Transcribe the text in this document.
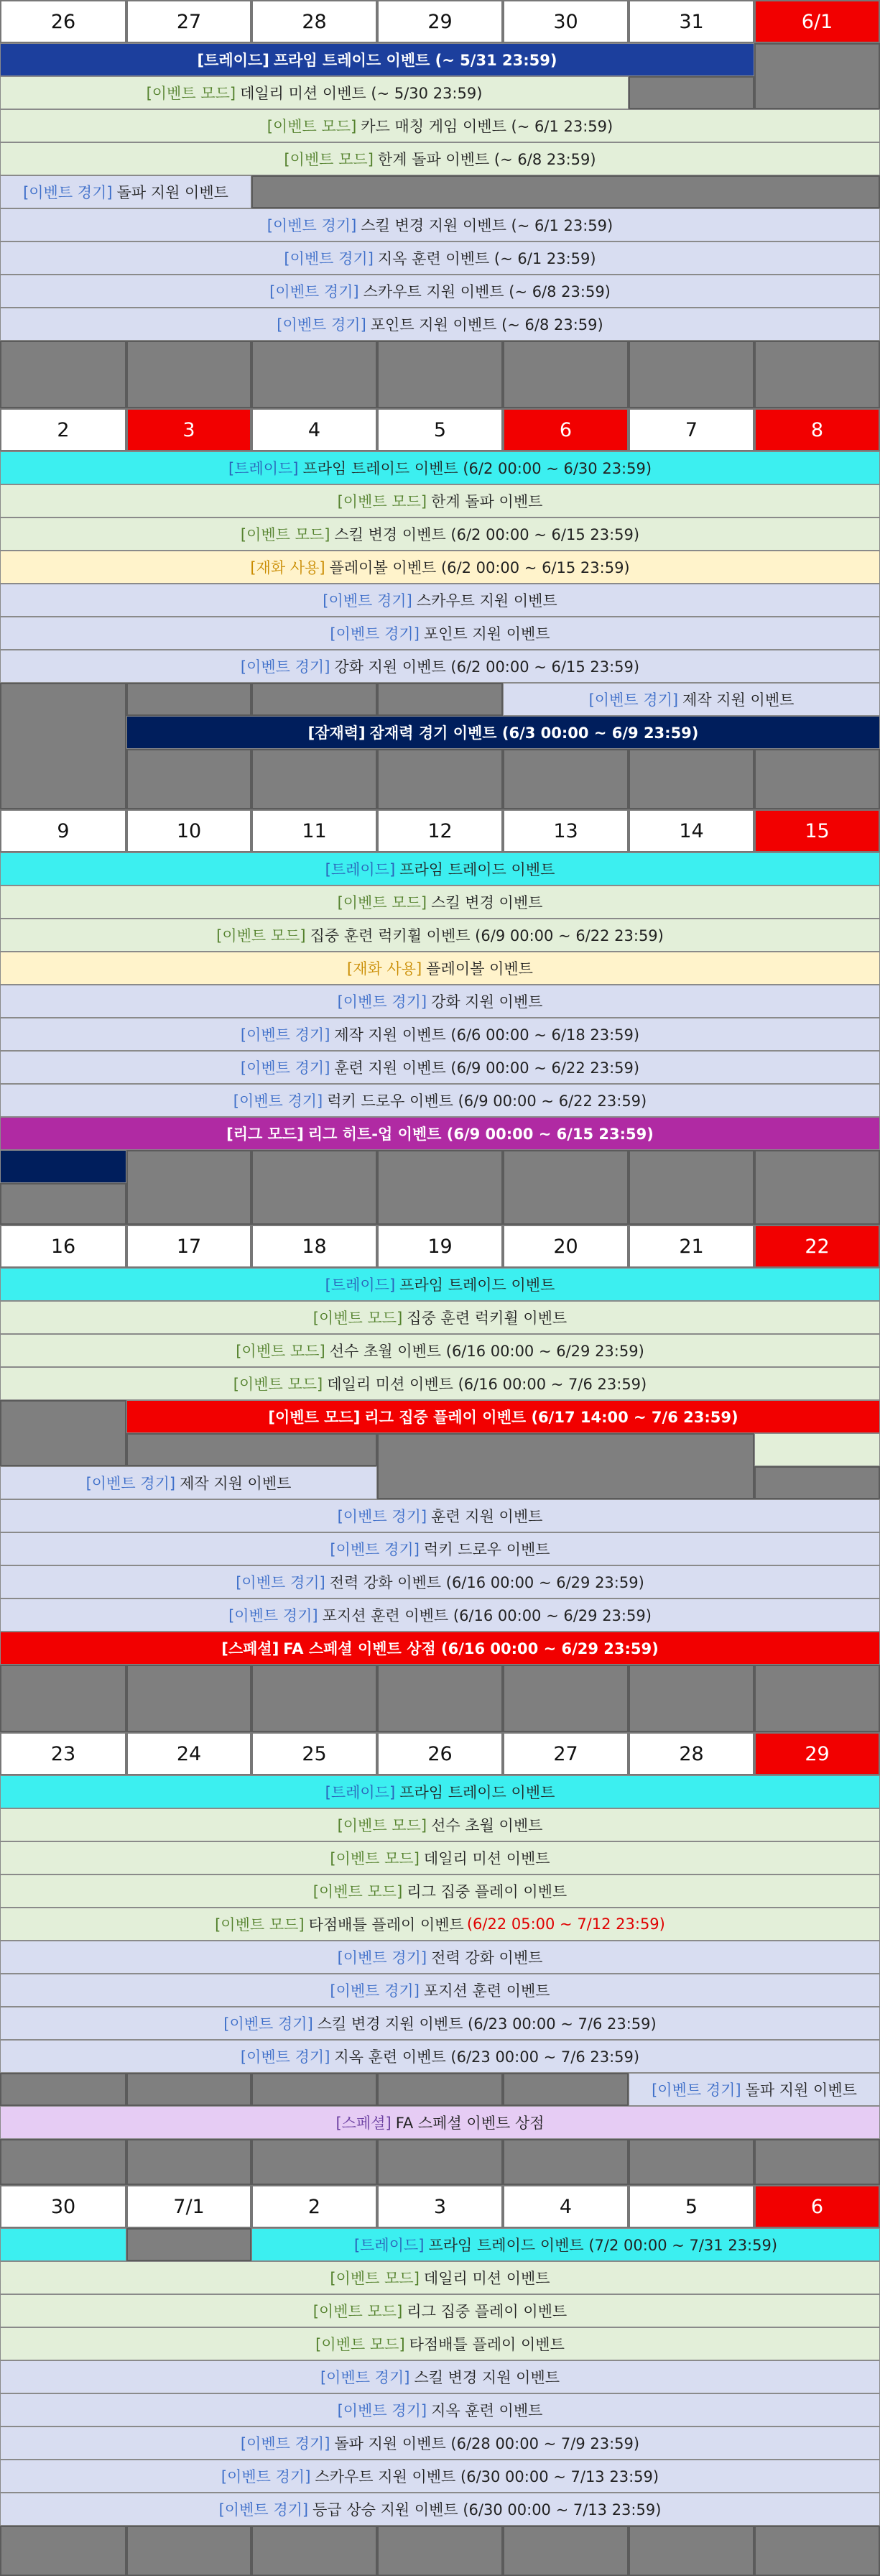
26	27	28	29	30	31	6/1
[트레이드] 프라임 트레이드 이벤트 (~ 5/31 23:59)
[이벤트 모드] 데일리 미션 이벤트 (~ 5/30 23:59)
[이벤트 모드] 카드 매칭 게임 이벤트 (~ 6/1 23:59)
[이벤트 모드] 한계 돌파 이벤트 (~ 6/8 23:59)
[이벤트 경기] 돌파 지원 이벤트
[이벤트 경기] 스킬 변경 지원 이벤트 (~ 6/1 23:59)
[이벤트 경기] 지옥 훈련 이벤트 (~ 6/1 23:59)
[이벤트 경기] 스카우트 지원 이벤트 (~ 6/8 23:59)
[이벤트 경기] 포인트 지원 이벤트 (~ 6/8 23:59)
2	3	4	5	6	7	8
[트레이드] 프라임 트레이드 이벤트 (6/2 00:00 ~ 6/30 23:59)
[이벤트 모드] 한계 돌파 이벤트
[이벤트 모드] 스킬 변경 이벤트 (6/2 00:00 ~ 6/15 23:59)
[재화 사용] 플레이볼 이벤트 (6/2 00:00 ~ 6/15 23:59)
[이벤트 경기] 스카우트 지원 이벤트
[이벤트 경기] 포인트 지원 이벤트
[이벤트 경기] 강화 지원 이벤트 (6/2 00:00 ~ 6/15 23:59)
[이벤트 경기] 제작 지원 이벤트
[잠재력] 잠재력 경기 이벤트 (6/3 00:00 ~ 6/9 23:59)
9	10	11	12	13	14	15
[트레이드] 프라임 트레이드 이벤트
[이벤트 모드] 스킬 변경 이벤트
[이벤트 모드] 집중 훈련 럭키휠 이벤트 (6/9 00:00 ~ 6/22 23:59)
[재화 사용] 플레이볼 이벤트
[이벤트 경기] 강화 지원 이벤트
[이벤트 경기] 제작 지원 이벤트 (6/6 00:00 ~ 6/18 23:59)
[이벤트 경기] 훈련 지원 이벤트 (6/9 00:00 ~ 6/22 23:59)
[이벤트 경기] 럭키 드로우 이벤트 (6/9 00:00 ~ 6/22 23:59)
[리그 모드] 리그 히트-업 이벤트 (6/9 00:00 ~ 6/15 23:59)
16	17	18	19	20	21	22
[트레이드] 프라임 트레이드 이벤트
[이벤트 모드] 집중 훈련 럭키휠 이벤트
[이벤트 모드] 선수 초월 이벤트 (6/16 00:00 ~ 6/29 23:59)
[이벤트 모드] 데일리 미션 이벤트 (6/16 00:00 ~ 7/6 23:59)
[이벤트 모드] 리그 집중 플레이 이벤트 (6/17 14:00 ~ 7/6 23:59)
[이벤트 경기] 제작 지원 이벤트
[이벤트 경기] 훈련 지원 이벤트
[이벤트 경기] 럭키 드로우 이벤트
[이벤트 경기] 전력 강화 이벤트 (6/16 00:00 ~ 6/29 23:59)
[이벤트 경기] 포지션 훈련 이벤트 (6/16 00:00 ~ 6/29 23:59)
[스페셜] FA 스페셜 이벤트 상점 (6/16 00:00 ~ 6/29 23:59)
23	24	25	26	27	28	29
[트레이드] 프라임 트레이드 이벤트
[이벤트 모드] 선수 초월 이벤트
[이벤트 모드] 데일리 미션 이벤트
[이벤트 모드] 리그 집중 플레이 이벤트
[이벤트 모드] 타점배틀 플레이 이벤트 (6/22 05:00 ~ 7/12 23:59)
[이벤트 경기] 전력 강화 이벤트
[이벤트 경기] 포지션 훈련 이벤트
[이벤트 경기] 스킬 변경 지원 이벤트 (6/23 00:00 ~ 7/6 23:59)
[이벤트 경기] 지옥 훈련 이벤트 (6/23 00:00 ~ 7/6 23:59)
[이벤트 경기] 돌파 지원 이벤트
[스페셜] FA 스페셜 이벤트 상점
30	7/1	2	3	4	5	6
[트레이드] 프라임 트레이드 이벤트 (7/2 00:00 ~ 7/31 23:59)
[이벤트 모드] 데일리 미션 이벤트
[이벤트 모드] 리그 집중 플레이 이벤트
[이벤트 모드] 타점배틀 플레이 이벤트
[이벤트 경기] 스킬 변경 지원 이벤트
[이벤트 경기] 지옥 훈련 이벤트
[이벤트 경기] 돌파 지원 이벤트 (6/28 00:00 ~ 7/9 23:59)
[이벤트 경기] 스카우트 지원 이벤트 (6/30 00:00 ~ 7/13 23:59)
[이벤트 경기] 등급 상승 지원 이벤트 (6/30 00:00 ~ 7/13 23:59)
